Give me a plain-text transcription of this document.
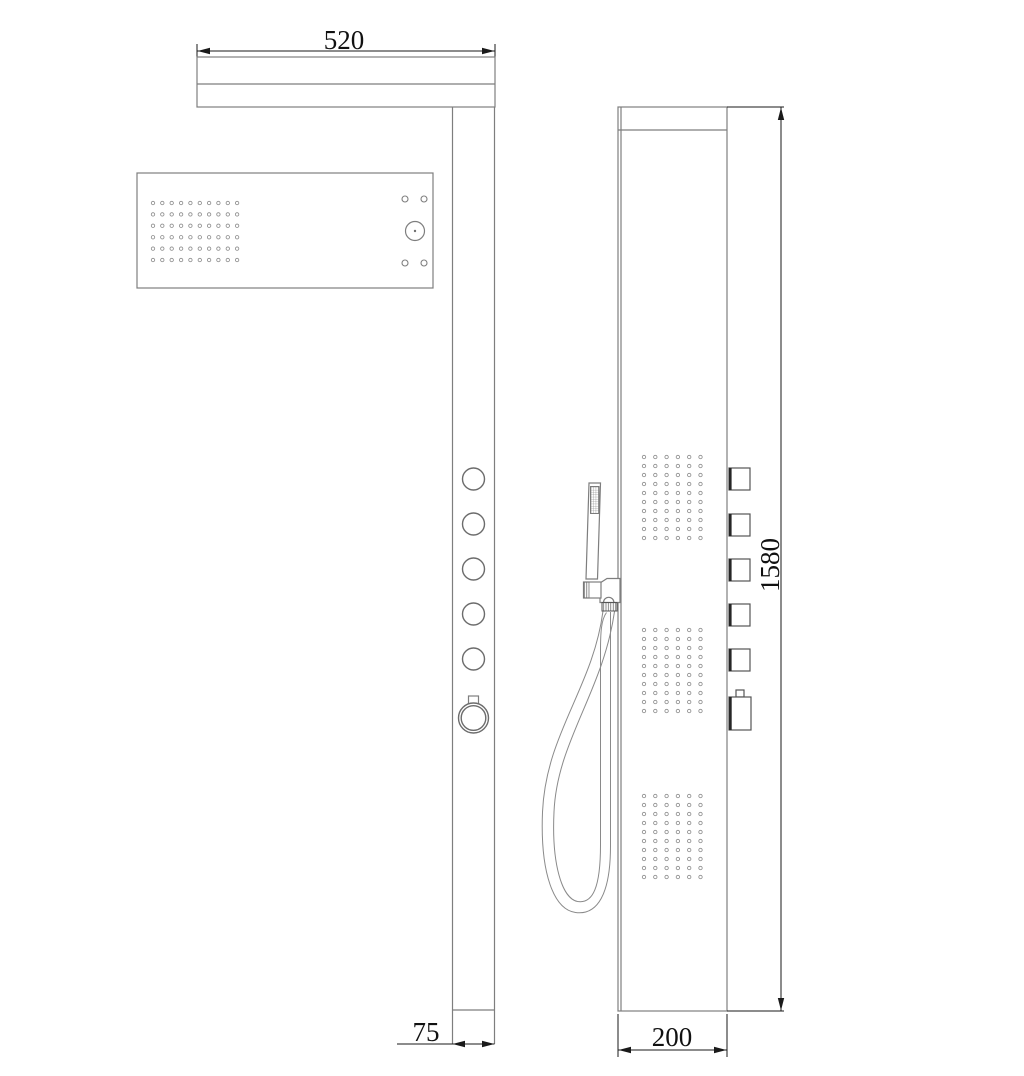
520
75
1580
200
